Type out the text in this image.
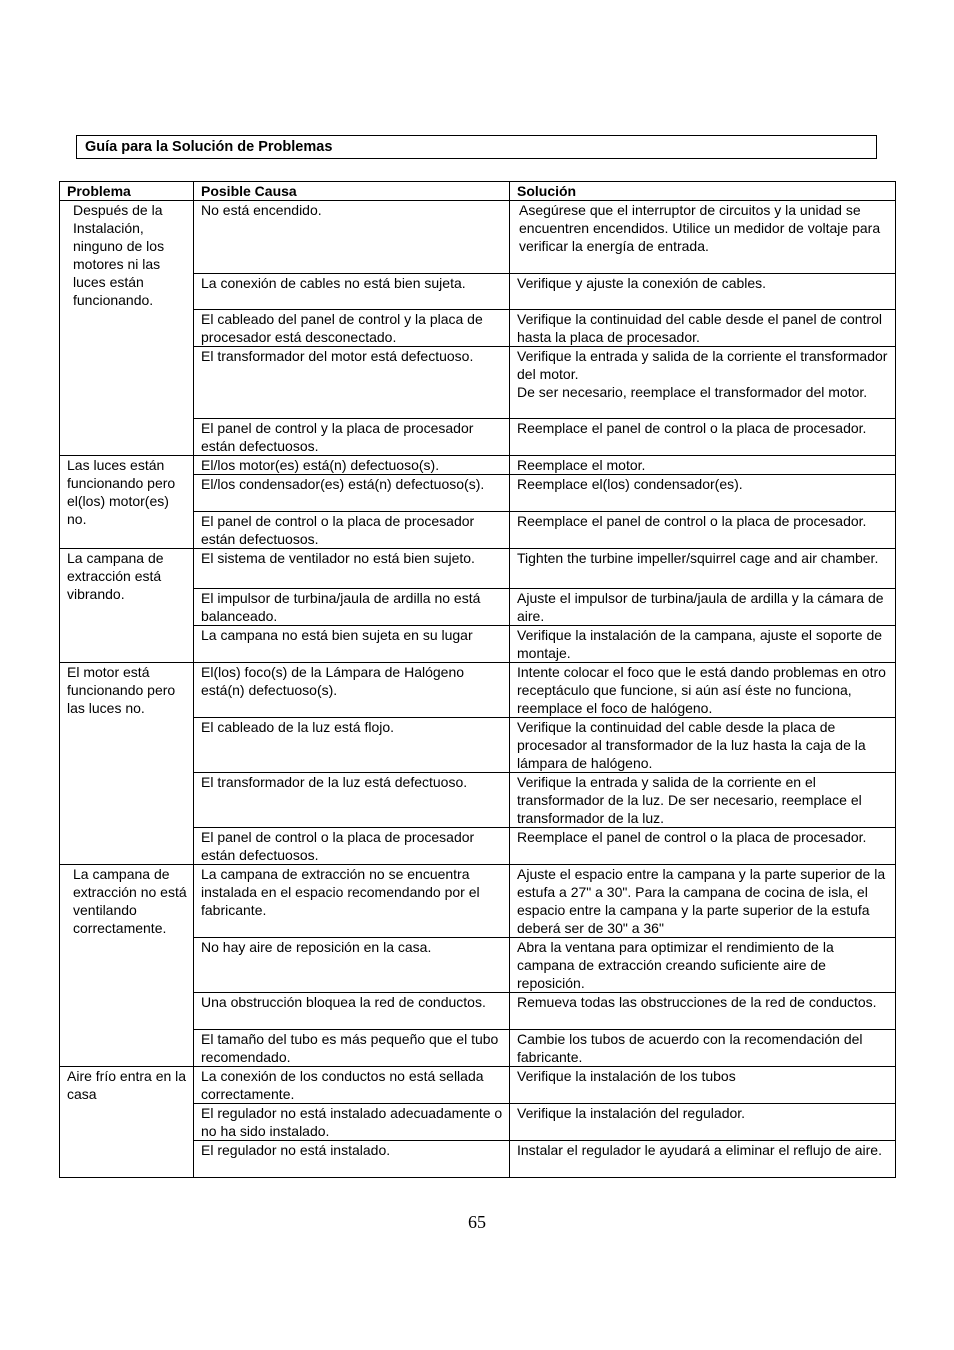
Guía para la Solución de Problemas
Problema	Posible Causa	Solución
Después de la Instalación, ninguno de los motores ni las luces están funcionando.	No está encendido.	Asegúrese que el interruptor de circuitos y la unidad se encuentren encendidos. Utilice un medidor de voltaje para verificar la energía de entrada.
	La conexión de cables no está bien sujeta.	Verifique y ajuste la conexión de cables.
	El cableado del panel de control y la placa de procesador está desconectado.	Verifique la continuidad del cable desde el panel de control hasta la placa de procesador.
	El transformador del motor está defectuoso.	Verifique la entrada y salida de la corriente el transformador del motor.
De ser necesario, reemplace el transformador del motor.

	El panel de control y la placa de procesador están defectuosos.	Reemplace el panel de control o la placa de procesador.
Las luces están funcionando pero el(los) motor(es) no.	El/los motor(es) está(n) defectuoso(s).	Reemplace el motor.
	El/los condensador(es) está(n) defectuoso(s).	Reemplace el(los) condensador(es).
	El panel de control o la placa de procesador están defectuosos.	Reemplace el panel de control o la placa de procesador.
La campana de extracción está vibrando.	El sistema de ventilador no está bien sujeto.	Tighten the turbine impeller/squirrel cage and air chamber.
	El impulsor de turbina/jaula de ardilla no está balanceado.	Ajuste el impulsor de turbina/jaula de ardilla y la cámara de aire.
	La campana no está bien sujeta en su lugar	Verifique la instalación de la campana, ajuste el soporte de montaje.
El motor está funcionando pero las luces no.	El(los) foco(s) de la Lámpara de Halógeno está(n) defectuoso(s).	Intente colocar el foco que le está dando problemas en otro receptáculo que funcione, si aún así éste no funciona, reemplace el foco de halógeno.
	El cableado de la luz está flojo.	Verifique la continuidad del cable desde la placa de procesador al transformador de la luz hasta la caja de la lámpara de halógeno.
	El transformador de la luz está defectuoso.	Verifique la entrada y salida de la corriente en el transformador de la luz. De ser necesario, reemplace el transformador de la luz.
	El panel de control o la placa de procesador están defectuosos.	Reemplace el panel de control o la placa de procesador.
La campana de extracción no está ventilando correctamente.	La campana de extracción no se encuentra instalada en el espacio recomendando por el fabricante.	Ajuste el espacio entre la campana y la parte superior de la estufa a 27" a 30". Para la campana de cocina de isla, el espacio entre la campana y la parte superior de la estufa deberá ser de 30" a 36"
	No hay aire de reposición en la casa.	Abra la ventana para optimizar el rendimiento de la campana de extracción creando suficiente aire de reposición.
	Una obstrucción bloquea la red de conductos.	Remueva todas las obstrucciones de la red de conductos.
	El tamaño del tubo es más pequeño que el tubo recomendado.	Cambie los tubos de acuerdo con la recomendación del fabricante.
Aire frío entra en la casa	La conexión de los conductos no está sellada correctamente.	Verifique la instalación de los tubos
	El regulador no está instalado adecuadamente o no ha sido instalado.	Verifique la instalación del regulador.
	El regulador no está instalado.	Instalar el regulador le ayudará a eliminar el reflujo de aire.
65
